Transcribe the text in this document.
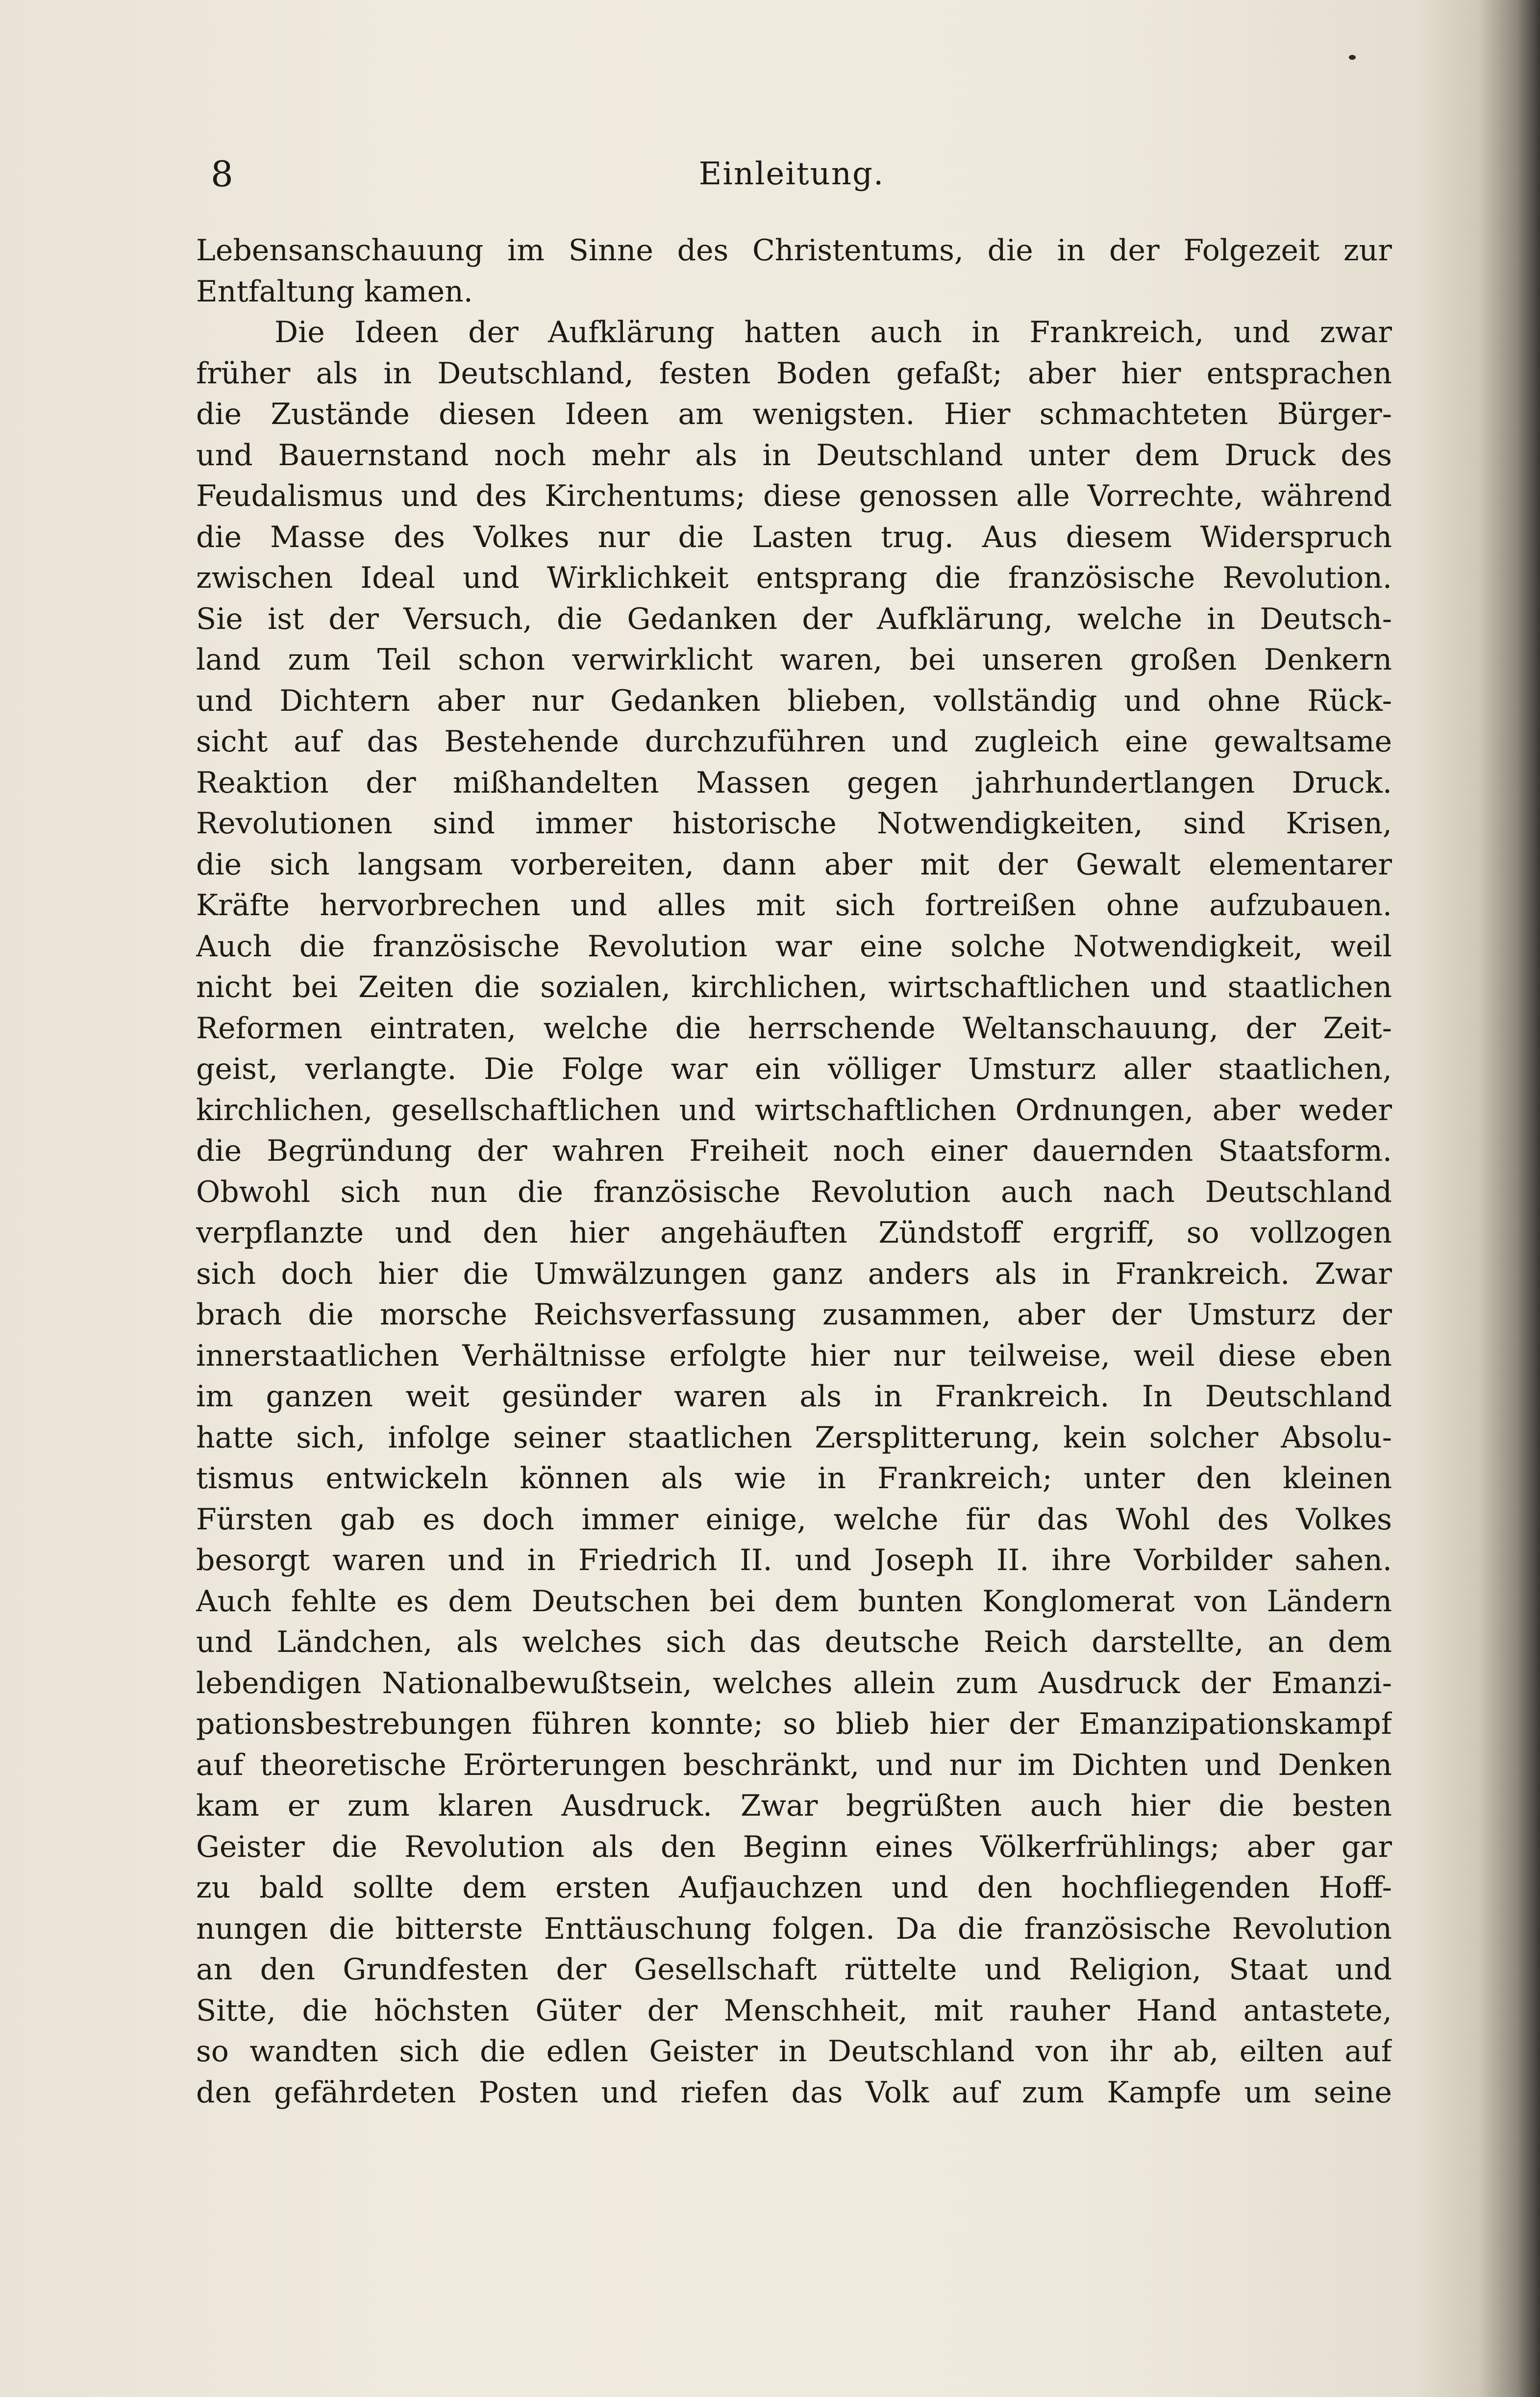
8	Einleitung.
Lebensanschauung im Sinne des Christentums, die in der Folgezeit zur
Entfaltung kamen.
Die Ideen der Aufklärung hatten auch in Frankreich, und zwar
früher als in Deutschland, festen Boden gefaßt; aber hier entsprachen
die Zustände diesen Ideen am wenigsten. Hier schmachteten Bürger-
und Bauernstand noch mehr als in Deutschland unter dem Druck des
Feudalismus und des Kirchentums; diese genossen alle Vorrechte, während
die Masse des Volkes nur die Lasten trug. Aus diesem Widerspruch
zwischen Ideal und Wirklichkeit entsprang die französische Revolution.
Sie ist der Versuch, die Gedanken der Aufklärung, welche in Deutsch-
land zum Teil schon verwirklicht waren, bei unseren großen Denkern
und Dichtern aber nur Gedanken blieben, vollständig und ohne Rück-
sicht auf das Bestehende durchzuführen und zugleich eine gewaltsame
Reaktion der mißhandelten Massen gegen jahrhundertlangen Druck.
Revolutionen sind immer historische Notwendigkeiten, sind Krisen,
die sich langsam vorbereiten, dann aber mit der Gewalt elementarer
Kräfte hervorbrechen und alles mit sich fortreißen ohne aufzubauen.
Auch die französische Revolution war eine solche Notwendigkeit, weil
nicht bei Zeiten die sozialen, kirchlichen, wirtschaftlichen und staatlichen
Reformen eintraten, welche die herrschende Weltanschauung, der Zeit-
geist, verlangte. Die Folge war ein völliger Umsturz aller staatlichen,
kirchlichen, gesellschaftlichen und wirtschaftlichen Ordnungen, aber weder
die Begründung der wahren Freiheit noch einer dauernden Staatsform.
Obwohl sich nun die französische Revolution auch nach Deutschland
verpflanzte und den hier angehäuften Zündstoff ergriff, so vollzogen
sich doch hier die Umwälzungen ganz anders als in Frankreich. Zwar
brach die morsche Reichsverfassung zusammen, aber der Umsturz der
innerstaatlichen Verhältnisse erfolgte hier nur teilweise, weil diese eben
im ganzen weit gesünder waren als in Frankreich. In Deutschland
hatte sich, infolge seiner staatlichen Zersplitterung, kein solcher Absolu-
tismus entwickeln können als wie in Frankreich; unter den kleinen
Fürsten gab es doch immer einige, welche für das Wohl des Volkes
besorgt waren und in Friedrich II. und Joseph II. ihre Vorbilder sahen.
Auch fehlte es dem Deutschen bei dem bunten Konglomerat von Ländern
und Ländchen, als welches sich das deutsche Reich darstellte, an dem
lebendigen Nationalbewußtsein, welches allein zum Ausdruck der Emanzi-
pationsbestrebungen führen konnte; so blieb hier der Emanzipationskampf
auf theoretische Erörterungen beschränkt, und nur im Dichten und Denken
kam er zum klaren Ausdruck. Zwar begrüßten auch hier die besten
Geister die Revolution als den Beginn eines Völkerfrühlings; aber gar
zu bald sollte dem ersten Aufjauchzen und den hochfliegenden Hoff-
nungen die bitterste Enttäuschung folgen. Da die französische Revolution
an den Grundfesten der Gesellschaft rüttelte und Religion, Staat und
Sitte, die höchsten Güter der Menschheit, mit rauher Hand antastete,
so wandten sich die edlen Geister in Deutschland von ihr ab, eilten auf
den gefährdeten Posten und riefen das Volk auf zum Kampfe um seine
